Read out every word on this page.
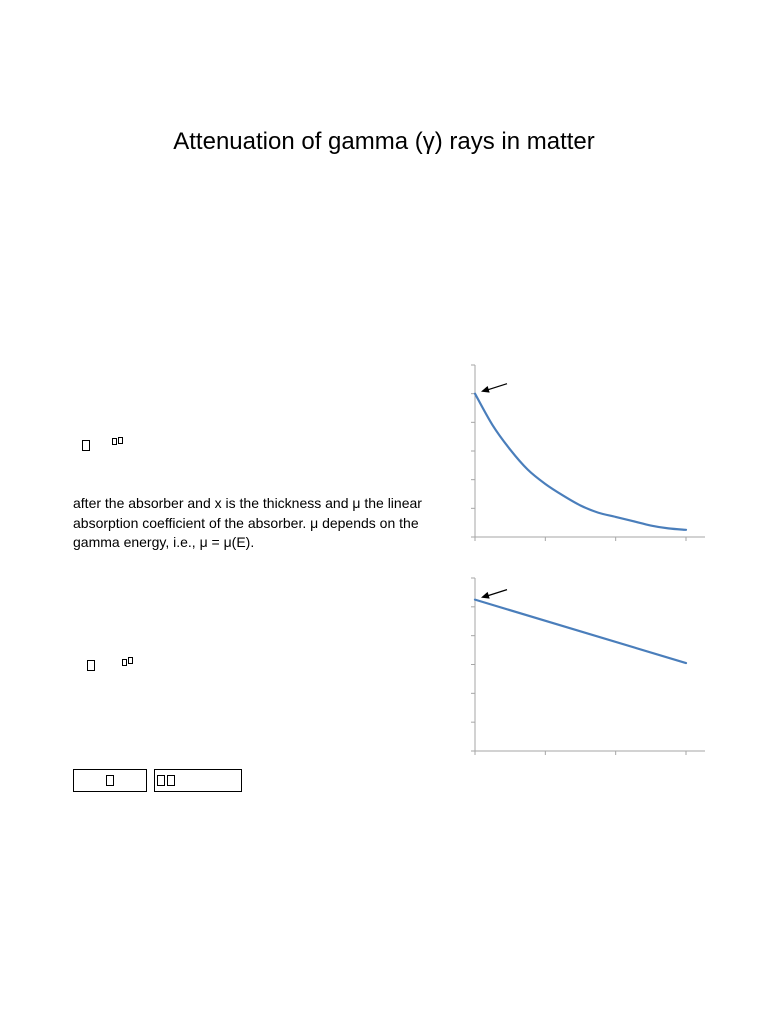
Attenuation of gamma (γ) rays in matter
after the absorber and x is the thickness and μ the linear
absorption coefficient of the absorber. μ depends on the
gamma energy, i.e., μ = μ(E).
